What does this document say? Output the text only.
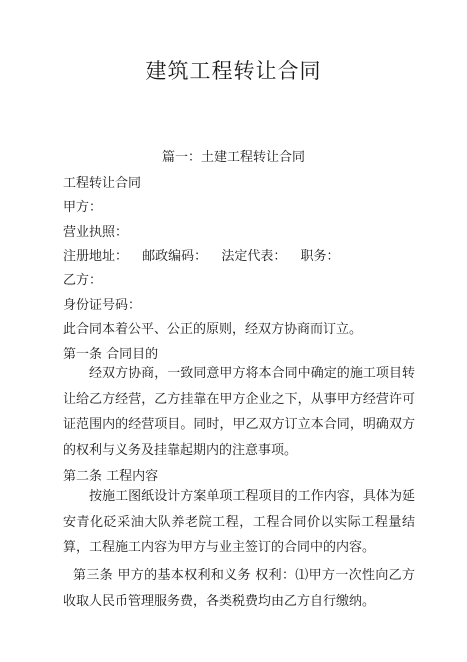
建筑工程转让合同
篇一：土建工程转让合同
工程转让合同
甲方：
营业执照：
注册地址： 邮政编码： 法定代表： 职务：
乙方：
身份证号码：
此合同本着公平、公正的原则，经双方协商而订立。
第一条 合同目的
经双方协商，一致同意甲方将本合同中确定的施工项目转让给乙方经营，乙方挂靠在甲方企业之下，从事甲方经营许可证范围内的经营项目。同时，甲乙双方订立本合同，明确双方的权利与义务及挂靠起期内的注意事项。
第二条 工程内容
按施工图纸设计方案单项工程项目的工作内容，具体为延安青化砭采油大队养老院工程，工程合同价以实际工程量结算，工程施工内容为甲方与业主签订的合同中的内容。
第三条 甲方的基本权利和义务 权利：⑴甲方一次性向乙方收取人民币管理服务费，各类税费均由乙方自行缴纳。
